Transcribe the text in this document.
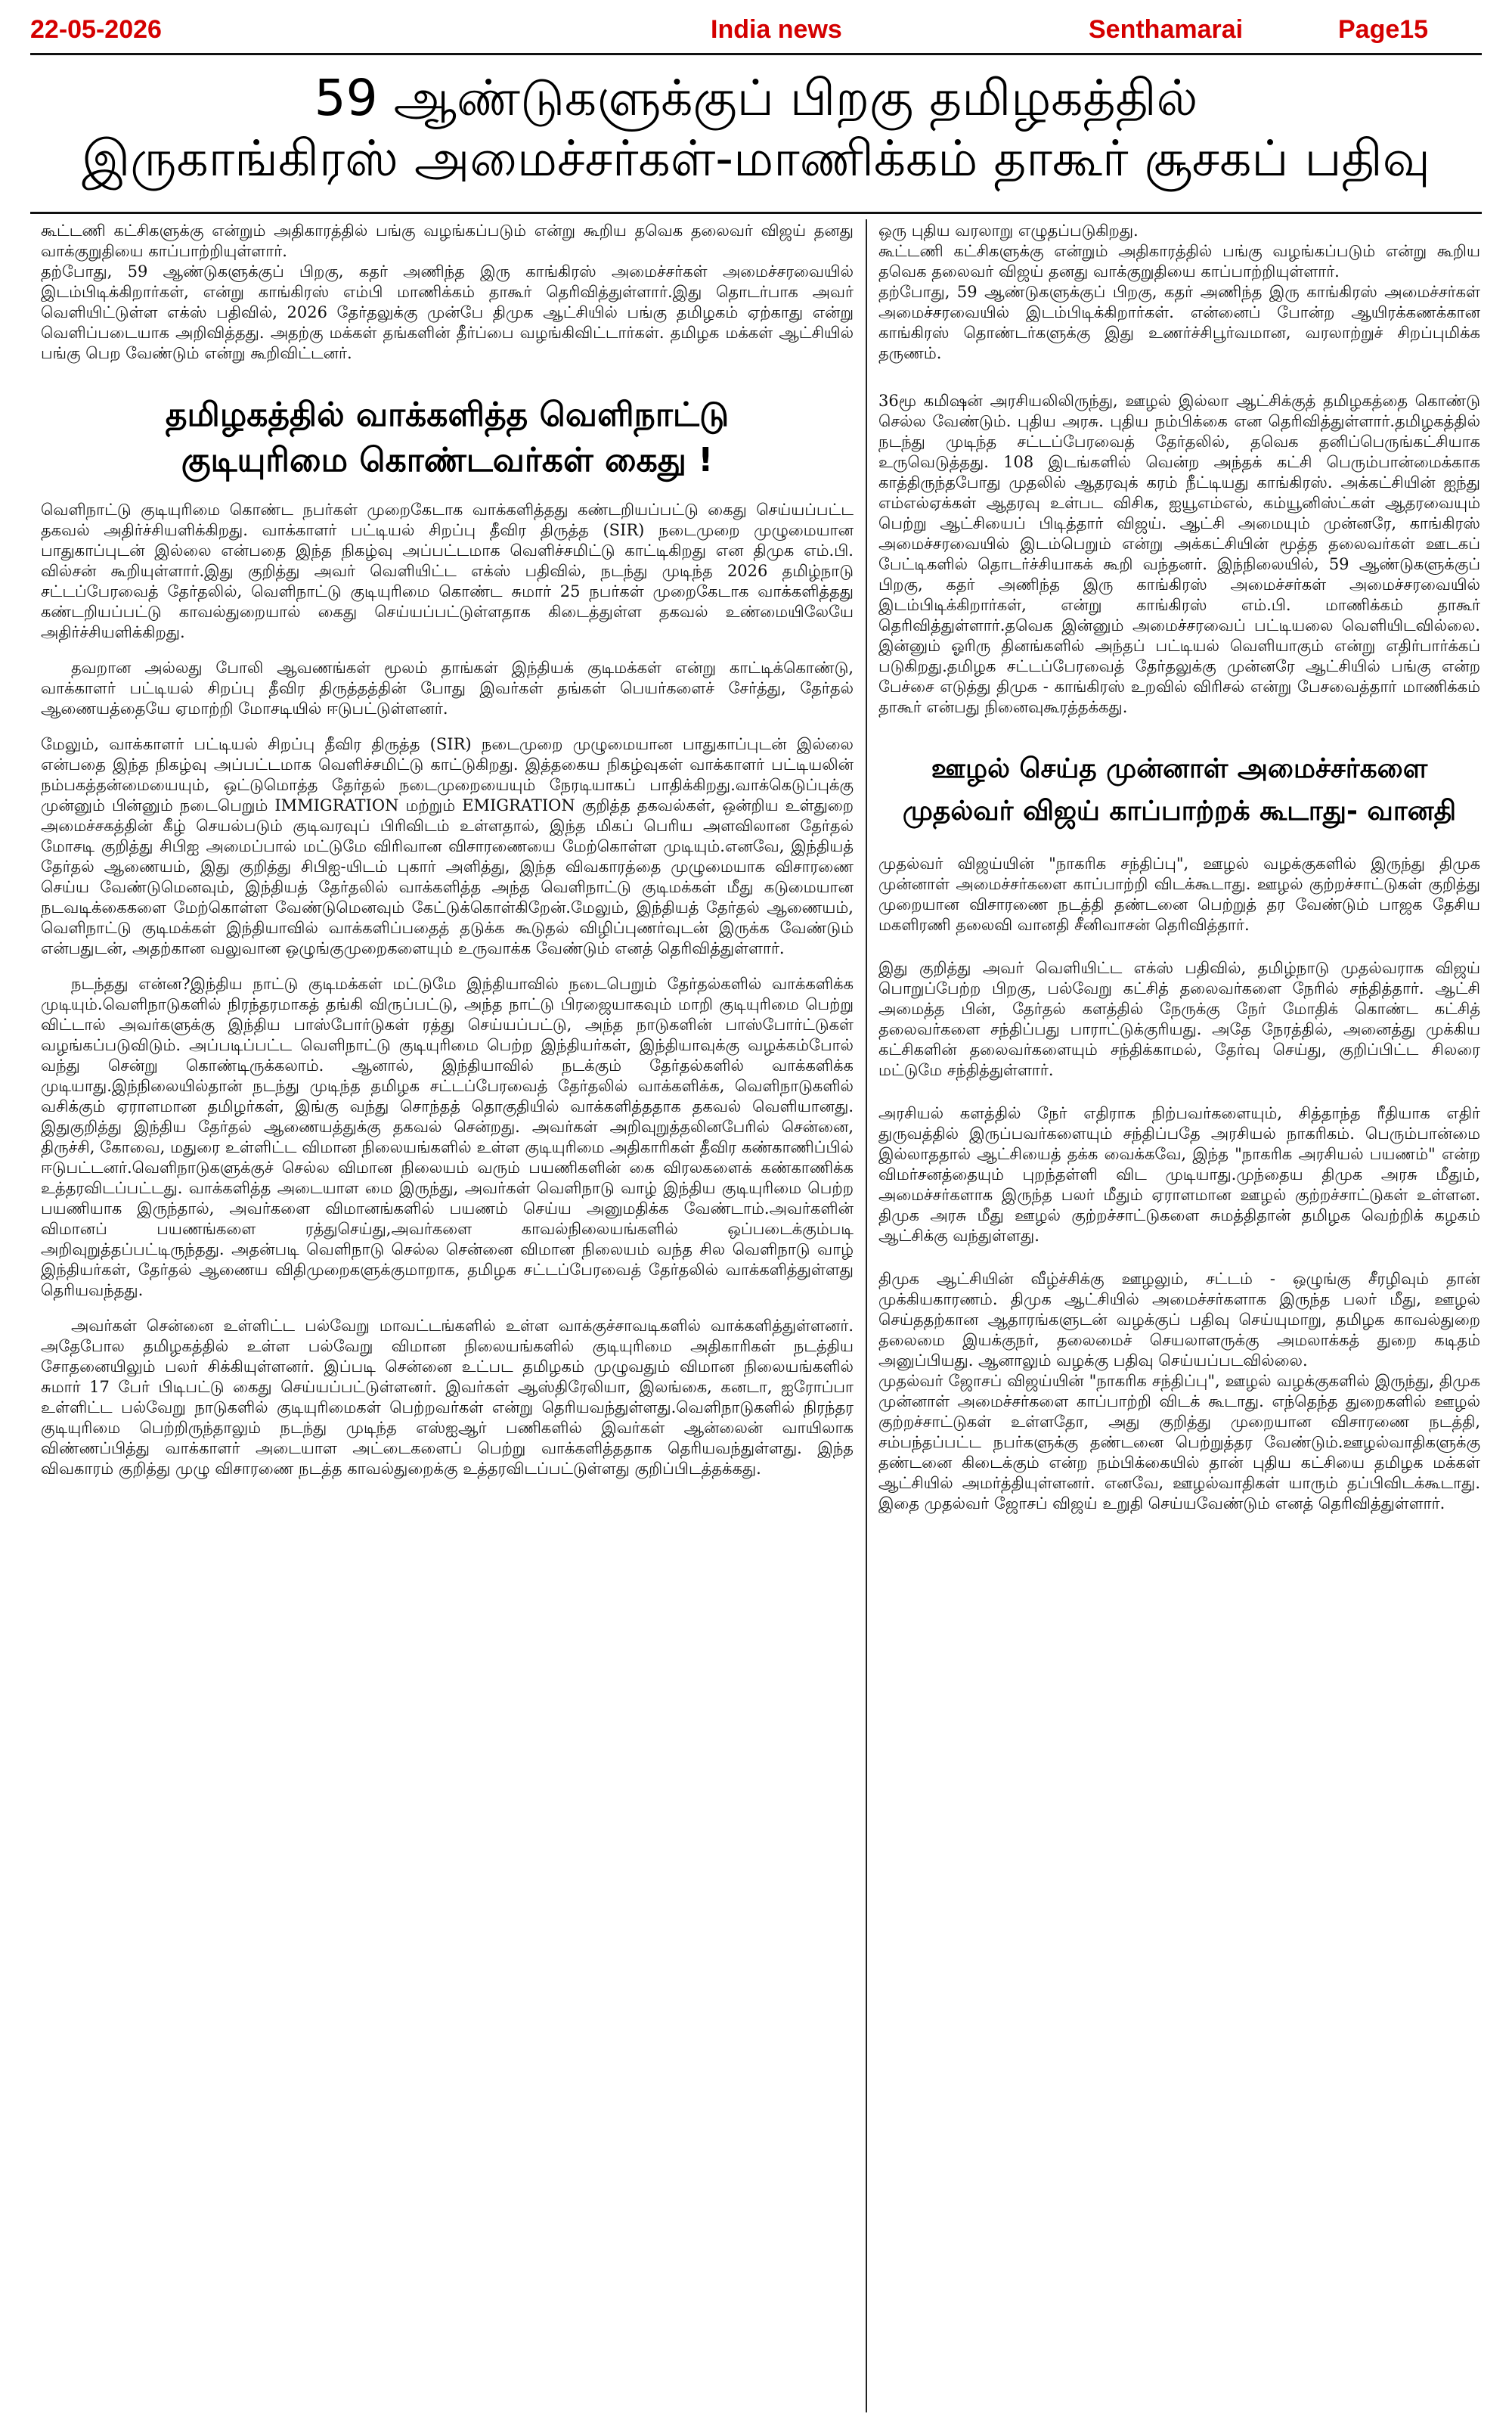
22-05-2026	India news	Senthamarai	Page15
59 ஆண்டுகளுக்குப் பிறகு தமிழகத்தில்
இருகாங்கிரஸ் அமைச்சர்கள்-மாணிக்கம் தாகூர் சூசகப் பதிவு

கூட்டணி கட்சிகளுக்கு என்றும் அதிகாரத்தில் பங்கு வழங்கப்படும் என்று கூறிய தவெக தலைவர் விஜய் தனது வாக்குறுதியை காப்பாற்றியுள்ளார்.

தற்போது, 59 ஆண்டுகளுக்குப் பிறகு, கதர் அணிந்த இரு காங்கிரஸ் அமைச்சர்கள் அமைச்சரவையில் இடம்பிடிக்கிறார்கள், என்று காங்கிரஸ் எம்பி மாணிக்கம் தாகூர் தெரிவித்துள்ளார்.இது தொடர்பாக அவர் வெளியிட்டுள்ள எக்ஸ் பதிவில், 2026 தேர்தலுக்கு முன்பே திமுக ஆட்சியில் பங்கு தமிழகம் ஏற்காது என்று வெளிப்படையாக அறிவித்தது. அதற்கு மக்கள் தங்களின் தீர்ப்பை வழங்கிவிட்டார்கள். தமிழக மக்கள் ஆட்சியில் பங்கு பெற வேண்டும் என்று கூறிவிட்டனர்.

தமிழகத்தில் வாக்களித்த வெளிநாட்டு
குடியுரிமை கொண்டவர்கள் கைது !

வெளிநாட்டு குடியுரிமை கொண்ட நபர்கள் முறைகேடாக வாக்களித்தது கண்டறியப்பட்டு கைது செய்யப்பட்ட தகவல் அதிர்ச்சியளிக்கிறது. வாக்காளர் பட்டியல் சிறப்பு தீவிர திருத்த (SIR) நடைமுறை முழுமையான பாதுகாப்புடன் இல்லை என்பதை இந்த நிகழ்வு அப்பட்டமாக வெளிச்சமிட்டு காட்டிகிறது என திமுக எம்.பி. வில்சன் கூறியுள்ளார்.இது குறித்து அவர் வெளியிட்ட எக்ஸ் பதிவில், நடந்து முடிந்த 2026 தமிழ்நாடு சட்டப்பேரவைத் தேர்தலில், வெளிநாட்டு குடியுரிமை கொண்ட சுமார் 25 நபர்கள் முறைகேடாக வாக்களித்தது கண்டறியப்பட்டு காவல்துறையால் கைது செய்யப்பட்டுள்ளதாக கிடைத்துள்ள தகவல் உண்மையிலேயே அதிர்ச்சியளிக்கிறது.

தவறான அல்லது போலி ஆவணங்கள் மூலம் தாங்கள் இந்தியக் குடிமக்கள் என்று காட்டிக்கொண்டு, வாக்காளர் பட்டியல் சிறப்பு தீவிர திருத்தத்தின் போது இவர்கள் தங்கள் பெயர்களைச் சேர்த்து, தேர்தல் ஆணையத்தையே ஏமாற்றி மோசடியில் ஈடுபட்டுள்ளனர்.

மேலும், வாக்காளர் பட்டியல் சிறப்பு தீவிர திருத்த (SIR) நடைமுறை முழுமையான பாதுகாப்புடன் இல்லை என்பதை இந்த நிகழ்வு அப்பட்டமாக வெளிச்சமிட்டு காட்டுகிறது. இத்தகைய நிகழ்வுகள் வாக்காளர் பட்டியலின் நம்பகத்தன்மையையும், ஒட்டுமொத்த தேர்தல் நடைமுறையையும் நேரடியாகப் பாதிக்கிறது.வாக்கெடுப்புக்கு முன்னும் பின்னும் நடைபெறும் IMMIGRATION மற்றும் EMIGRATION குறித்த தகவல்கள், ஒன்றிய உள்துறை அமைச்சகத்தின் கீழ் செயல்படும் குடிவரவுப் பிரிவிடம் உள்ளதால், இந்த மிகப் பெரிய அளவிலான தேர்தல் மோசடி குறித்து சிபிஐ அமைப்பால் மட்டுமே விரிவான விசாரணையை மேற்கொள்ள முடியும்.எனவே, இந்தியத் தேர்தல் ஆணையம், இது குறித்து சிபிஐ-யிடம் புகார் அளித்து, இந்த விவகாரத்தை முழுமையாக விசாரணை செய்ய வேண்டுமெனவும், இந்தியத் தேர்தலில் வாக்களித்த அந்த வெளிநாட்டு குடிமக்கள் மீது கடுமையான நடவடிக்கைகளை மேற்கொள்ள வேண்டுமெனவும் கேட்டுக்கொள்கிறேன்.மேலும், இந்தியத் தேர்தல் ஆணையம், வெளிநாட்டு குடிமக்கள் இந்தியாவில் வாக்களிப்பதைத் தடுக்க கூடுதல் விழிப்புணர்வுடன் இருக்க வேண்டும் என்பதுடன், அதற்கான வலுவான ஒழுங்குமுறைகளையும் உருவாக்க வேண்டும் எனத் தெரிவித்துள்ளார்.

நடந்தது என்ன?இந்திய நாட்டு குடிமக்கள் மட்டுமே இந்தியாவில் நடைபெறும் தேர்தல்களில் வாக்களிக்க முடியும்.வெளிநாடுகளில் நிரந்தரமாகத் தங்கி விருப்பட்டு, அந்த நாட்டு பிரஜையாகவும் மாறி குடியுரிமை பெற்று விட்டால் அவர்களுக்கு இந்திய பாஸ்போர்டுகள் ரத்து செய்யப்பட்டு, அந்த நாடுகளின் பாஸ்போர்ட்டுகள் வழங்கப்படுவிடும். அப்படிப்பட்ட வெளிநாட்டு குடியுரிமை பெற்ற இந்தியர்கள், இந்தியாவுக்கு வழக்கம்போல் வந்து சென்று கொண்டிருக்கலாம். ஆனால், இந்தியாவில் நடக்கும் தேர்தல்களில் வாக்களிக்க முடியாது.இந்நிலையில்தான் நடந்து முடிந்த தமிழக சட்டப்பேரவைத் தேர்தலில் வாக்களிக்க, வெளிநாடுகளில் வசிக்கும் ஏராளமான தமிழர்கள், இங்கு வந்து சொந்தத் தொகுதியில் வாக்களித்ததாக தகவல் வெளியானது. இதுகுறித்து இந்திய தேர்தல் ஆணையத்துக்கு தகவல் சென்றது. அவர்கள் அறிவுறுத்தலினபேரில் சென்னை, திருச்சி, கோவை, மதுரை உள்ளிட்ட விமான நிலையங்களில் உள்ள குடியுரிமை அதிகாரிகள் தீவிர கண்காணிப்பில் ஈடுபட்டனர்.வெளிநாடுகளுக்குச் செல்ல விமான நிலையம் வரும் பயணிகளின் கை விரலகளைக் கண்காணிக்க உத்தரவிடப்பட்டது. வாக்களித்த அடையாள மை இருந்து, அவர்கள் வெளிநாடு வாழ் இந்திய குடியுரிமை பெற்ற பயணியாக இருந்தால், அவர்களை விமானங்களில் பயணம் செய்ய அனுமதிக்க வேண்டாம்.அவர்களின் விமானப் பயணங்களை ரத்துசெய்து,அவர்களை காவல்நிலையங்களில் ஒப்படைக்கும்படி அறிவுறுத்தப்பட்டிருந்தது. அதன்படி வெளிநாடு செல்ல சென்னை விமான நிலையம் வந்த சில வெளிநாடு வாழ் இந்தியர்கள், தேர்தல் ஆணைய விதிமுறைகளுக்குமாறாக, தமிழக சட்டப்பேரவைத் தேர்தலில் வாக்களித்துள்ளது தெரியவந்தது.

அவர்கள் சென்னை உள்ளிட்ட பல்வேறு மாவட்டங்களில் உள்ள வாக்குச்சாவடிகளில் வாக்களித்துள்ளனர். அதேபோல தமிழகத்தில் உள்ள பல்வேறு விமான நிலையங்களில் குடியுரிமை அதிகாரிகள் நடத்திய சோதனையிலும் பலர் சிக்கியுள்ளனர். இப்படி சென்னை உட்பட தமிழகம் முழுவதும் விமான நிலையங்களில் சுமார் 17 பேர் பிடிபட்டு கைது செய்யப்பட்டுள்ளனர். இவர்கள் ஆஸ்திரேலியா, இலங்கை, கனடா, ஐரோப்பா உள்ளிட்ட பல்வேறு நாடுகளில் குடியுரிமைகள் பெற்றவர்கள் என்று தெரியவந்துள்ளது.வெளிநாடுகளில் நிரந்தர குடியுரிமை பெற்றிருந்தாலும் நடந்து முடிந்த எஸ்ஐஆர் பணிகளில் இவர்கள் ஆன்லைன் வாயிலாக விண்ணப்பித்து வாக்காளர் அடையாள அட்டைகளைப் பெற்று வாக்களித்ததாக தெரியவந்துள்ளது. இந்த விவகாரம் குறித்து முழு விசாரணை நடத்த காவல்துறைக்கு உத்தரவிடப்பட்டுள்ளது குறிப்பிடத்தக்கது.

ஒரு புதிய வரலாறு எழுதப்படுகிறது.

கூட்டணி கட்சிகளுக்கு என்றும் அதிகாரத்தில் பங்கு வழங்கப்படும் என்று கூறிய தவெக தலைவர் விஜய் தனது வாக்குறுதியை காப்பாற்றியுள்ளார்.

தற்போது, 59 ஆண்டுகளுக்குப் பிறகு, கதர் அணிந்த இரு காங்கிரஸ் அமைச்சர்கள் அமைச்சரவையில் இடம்பிடிக்கிறார்கள். என்னைப் போன்ற ஆயிரக்கணக்கான காங்கிரஸ் தொண்டர்களுக்கு இது உணர்ச்சிபூர்வமான, வரலாற்றுச் சிறப்புமிக்க தருணம்.

36மூ கமிஷன் அரசியலிலிருந்து, ஊழல் இல்லா ஆட்சிக்குத் தமிழகத்தை கொண்டு செல்ல வேண்டும். புதிய அரசு. புதிய நம்பிக்கை என தெரிவித்துள்ளார்.தமிழகத்தில் நடந்து முடிந்த சட்டப்பேரவைத் தேர்தலில், தவெக தனிப்பெருங்கட்சியாக உருவெடுத்தது. 108 இடங்களில் வென்ற அந்தக் கட்சி பெரும்பான்மைக்காக காத்திருந்தபோது முதலில் ஆதரவுக் கரம் நீட்டியது காங்கிரஸ். அக்கட்சியின் ஐந்து எம்எல்ஏக்கள் ஆதரவு உள்பட விசிக, ஐயூஎம்எல், கம்யூனிஸ்ட்கள் ஆதரவையும் பெற்று ஆட்சியைப் பிடித்தார் விஜய். ஆட்சி அமையும் முன்னரே, காங்கிரஸ் அமைச்சரவையில் இடம்பெறும் என்று அக்கட்சியின் மூத்த தலைவர்கள் ஊடகப் பேட்டிகளில் தொடர்ச்சியாகக் கூறி வந்தனர். இந்நிலையில், 59 ஆண்டுகளுக்குப் பிறகு, கதர் அணிந்த இரு காங்கிரஸ் அமைச்சர்கள் அமைச்சரவையில் இடம்பிடிக்கிறார்கள், என்று காங்கிரஸ் எம்.பி. மாணிக்கம் தாகூர் தெரிவித்துள்ளார்.தவெக இன்னும் அமைச்சரவைப் பட்டியலை வெளியிடவில்லை. இன்னும் ஓரிரு தினங்களில் அந்தப் பட்டியல் வெளியாகும் என்று எதிர்பார்க்கப் படுகிறது.தமிழக சட்டப்பேரவைத் தேர்தலுக்கு முன்னரே ஆட்சியில் பங்கு என்ற பேச்சை எடுத்து திமுக - காங்கிரஸ் உறவில் விரிசல் என்று பேசவைத்தார் மாணிக்கம் தாகூர் என்பது நினைவுகூரத்தக்கது.

ஊழல் செய்த முன்னாள் அமைச்சர்களை
முதல்வர் விஜய் காப்பாற்றக் கூடாது- வானதி

முதல்வர் விஜய்யின் "நாகரிக சந்திப்பு", ஊழல் வழக்குகளில் இருந்து திமுக முன்னாள் அமைச்சர்களை காப்பாற்றி விடக்கூடாது. ஊழல் குற்றச்சாட்டுகள் குறித்து முறையான விசாரணை நடத்தி தண்டனை பெற்றுத் தர வேண்டும் பாஜக தேசிய மகளிரணி தலைவி வானதி சீனிவாசன் தெரிவித்தார்.

இது குறித்து அவர் வெளியிட்ட எக்ஸ் பதிவில், தமிழ்நாடு முதல்வராக விஜய் பொறுப்பேற்ற பிறகு, பல்வேறு கட்சித் தலைவர்களை நேரில் சந்தித்தார். ஆட்சி அமைத்த பின், தேர்தல் களத்தில் நேருக்கு நேர் மோதிக் கொண்ட கட்சித் தலைவர்களை சந்திப்பது பாராட்டுக்குரியது. அதே நேரத்தில், அனைத்து முக்கிய கட்சிகளின் தலைவர்களையும் சந்திக்காமல், தேர்வு செய்து, குறிப்பிட்ட சிலரை மட்டுமே சந்தித்துள்ளார்.

அரசியல் களத்தில் நேர் எதிராக நிற்பவர்களையும், சித்தாந்த ரீதியாக எதிர் துருவத்தில் இருப்பவர்களையும் சந்திப்பதே அரசியல் நாகரிகம். பெரும்பான்மை இல்லாததால் ஆட்சியைத் தக்க வைக்கவே, இந்த "நாகரிக அரசியல் பயணம்" என்ற விமர்சனத்தையும் புறந்தள்ளி விட முடியாது.முந்தைய திமுக அரசு மீதும், அமைச்சர்களாக இருந்த பலர் மீதும் ஏராளமான ஊழல் குற்றச்சாட்டுகள் உள்ளன. திமுக அரசு மீது ஊழல் குற்றச்சாட்டுகளை சுமத்திதான் தமிழக வெற்றிக் கழகம் ஆட்சிக்கு வந்துள்ளது.

திமுக ஆட்சியின் வீழ்ச்சிக்கு ஊழலும், சட்டம் - ஒழுங்கு சீரழிவும் தான் முக்கியகாரணம். திமுக ஆட்சியில் அமைச்சர்களாக இருந்த பலர் மீது, ஊழல் செய்ததற்கான ஆதாரங்களுடன் வழக்குப் பதிவு செய்யுமாறு, தமிழக காவல்துறை தலைமை இயக்குநர், தலைமைச் செயலாளருக்கு அமலாக்கத் துறை கடிதம் அனுப்பியது. ஆனாலும் வழக்கு பதிவு செய்யப்படவில்லை.

முதல்வர் ஜோசப் விஜய்யின் "நாகரிக சந்திப்பு", ஊழல் வழக்குகளில் இருந்து, திமுக முன்னாள் அமைச்சர்களை காப்பாற்றி விடக் கூடாது. எந்தெந்த துறைகளில் ஊழல் குற்றச்சாட்டுகள் உள்ளதோ, அது குறித்து முறையான விசாரணை நடத்தி, சம்பந்தப்பட்ட நபர்களுக்கு தண்டனை பெற்றுத்தர வேண்டும்.ஊழல்வாதிகளுக்கு தண்டனை கிடைக்கும் என்ற நம்பிக்கையில் தான் புதிய கட்சியை தமிழக மக்கள் ஆட்சியில் அமர்த்தியுள்ளனர். எனவே, ஊழல்வாதிகள் யாரும் தப்பிவிடக்கூடாது. இதை முதல்வர் ஜோசப் விஜய் உறுதி செய்யவேண்டும் எனத் தெரிவித்துள்ளார்.
